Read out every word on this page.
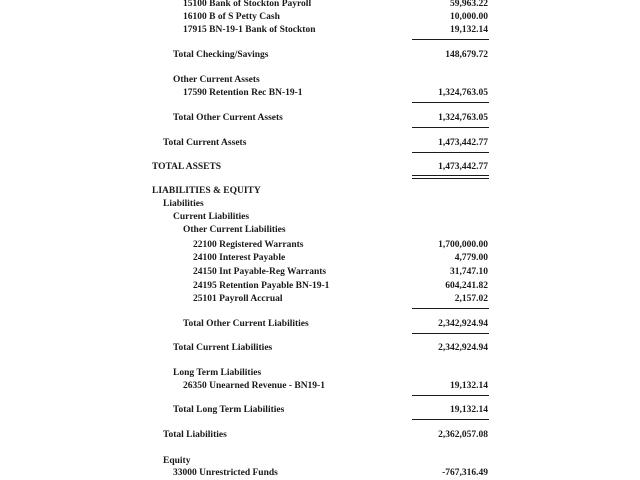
15100 Bank of Stockton Payroll	59,963.22
16100 B of S Petty Cash	10,000.00
17915 BN-19-1 Bank of Stockton	19,132.14
Total Checking/Savings	148,679.72
Other Current Assets
17590 Retention Rec BN-19-1	1,324,763.05
Total Other Current Assets	1,324,763.05
Total Current Assets	1,473,442.77
TOTAL ASSETS	1,473,442.77
LIABILITIES & EQUITY
Liabilities
Current Liabilities
Other Current Liabilities
22100 Registered Warrants	1,700,000.00
24100 Interest Payable	4,779.00
24150 Int Payable-Reg Warrants	31,747.10
24195 Retention Payable BN-19-1	604,241.82
25101 Payroll Accrual	2,157.02
Total Other Current Liabilities	2,342,924.94
Total Current Liabilities	2,342,924.94
Long Term Liabilities
26350 Unearned Revenue - BN19-1	19,132.14
Total Long Term Liabilities	19,132.14
Total Liabilities	2,362,057.08
Equity
33000 Unrestricted Funds	-767,316.49
